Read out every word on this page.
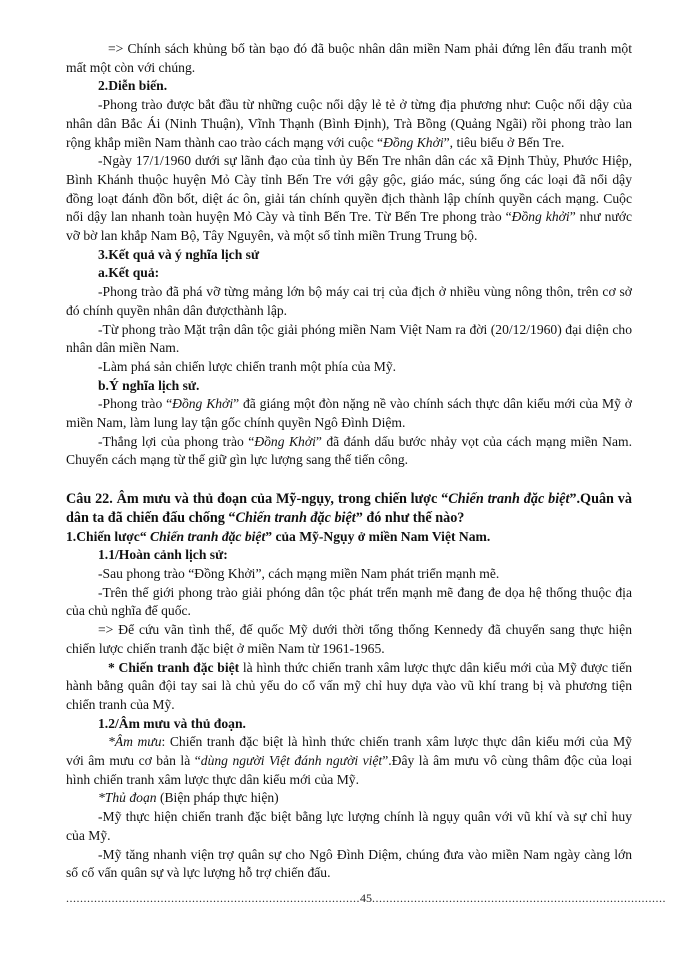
=> Chính sách khủng bố tàn bạo đó đã buộc nhân dân miền Nam phải đứng lên đấu tranh một mất một còn với chúng.

2.Diễn biến.

-Phong trào được bắt đầu từ những cuộc nổi dậy lẻ tẻ ở từng địa phương như: Cuộc nổi dậy của nhân dân Bắc Ái (Ninh Thuận), Vĩnh Thạnh (Bình Định), Trà Bồng (Quảng Ngãi) rồi phong trào lan rộng khắp miền Nam thành cao trào cách mạng với cuộc “Đồng Khởi”, tiêu biểu ở Bến Tre.

-Ngày 17/1/1960 dưới sự lãnh đạo của tỉnh ủy Bến Tre nhân dân các xã Định Thủy, Phước Hiệp, Bình Khánh thuộc huyện Mỏ Cày tỉnh Bến Tre với gậy gộc, giáo mác, súng ống các loại đã nổi dậy đồng loạt đánh đồn bốt, diệt ác ôn, giải tán chính quyền địch thành lập chính quyền cách mạng. Cuộc nổi dậy lan nhanh toàn huyện Mỏ Cày và tỉnh Bến Tre. Từ Bến Tre phong trào “Đồng khởi” như nước vỡ bờ lan khắp Nam Bộ, Tây Nguyên, và một số tỉnh miền Trung Trung bộ.

3.Kết quả và ý nghĩa lịch sử

a.Kết quả:

-Phong trào đã phá vỡ từng mảng lớn bộ máy cai trị của địch ở nhiều vùng nông thôn, trên cơ sở đó chính quyền nhân dân đượcthành lập.

-Từ phong trào Mặt trận dân tộc giải phóng miền Nam Việt Nam ra đời (20/12/1960) đại diện cho nhân dân miền Nam.

-Làm phá sản chiến lược chiến tranh một phía của Mỹ.

b.Ý nghĩa lịch sử.

-Phong trào “Đồng Khởi” đã giáng một đòn nặng nề vào chính sách thực dân kiểu mới của Mỹ ở miền Nam, làm lung lay tận gốc chính quyền Ngô Đình Diệm.

-Thắng lợi của phong trào “Đồng Khởi” đã đánh dấu bước nhảy vọt của cách mạng miền Nam. Chuyển cách mạng từ thế giữ gìn lực lượng sang thế tiến công.

Câu 22. Âm mưu và thủ đoạn của Mỹ-ngụy, trong chiến lược “Chiến tranh đặc biệt”.Quân và dân ta đã chiến đấu chống “Chiến tranh đặc biệt” đó như thế nào?

1.Chiến lược“ Chiến tranh đặc biệt” của Mỹ-Ngụy ở miền Nam Việt Nam.

1.1/Hoàn cảnh lịch sử:

-Sau phong trào “Đồng Khởi”, cách mạng miền Nam phát triển mạnh mẽ.

-Trên thế giới phong trào giải phóng dân tộc phát trển mạnh mẽ đang đe dọa hệ thống thuộc địa của chủ nghĩa đế quốc.

=> Để cứu vãn tình thế, đế quốc Mỹ dưới thời tổng thống Kennedy đã chuyển sang thực hiện chiến lược chiến tranh đặc biệt ở miền Nam từ 1961-1965.

* Chiến tranh đặc biệt là hình thức chiến tranh xâm lược thực dân kiểu mới của Mỹ được tiến hành bằng quân đội tay sai là chủ yếu do cố vấn mỹ chỉ huy dựa vào vũ khí trang bị và phương tiện chiến tranh của Mỹ.

1.2/Âm mưu và thủ đoạn.

*Âm mưu: Chiến tranh đặc biệt là hình thức chiến tranh xâm lược thực dân kiểu mới của Mỹ với âm mưu cơ bản là “dùng người Việt đánh người việt”.Đây là âm mưu vô cùng thâm độc của loại hình chiến tranh xâm lược thực dân kiểu mới của Mỹ.

*Thủ đoạn (Biện pháp thực hiện)

-Mỹ thực hiện chiến tranh đặc biệt bằng lực lượng chính là ngụy quân với vũ khí và sự chỉ huy của Mỹ.

-Mỹ tăng nhanh viện trợ quân sự cho Ngô Đình Diệm, chúng đưa vào miền Nam ngày càng lớn số cố vấn quân sự và lực lượng hỗ trợ chiến đấu.

....................................................................................45....................................................................................
